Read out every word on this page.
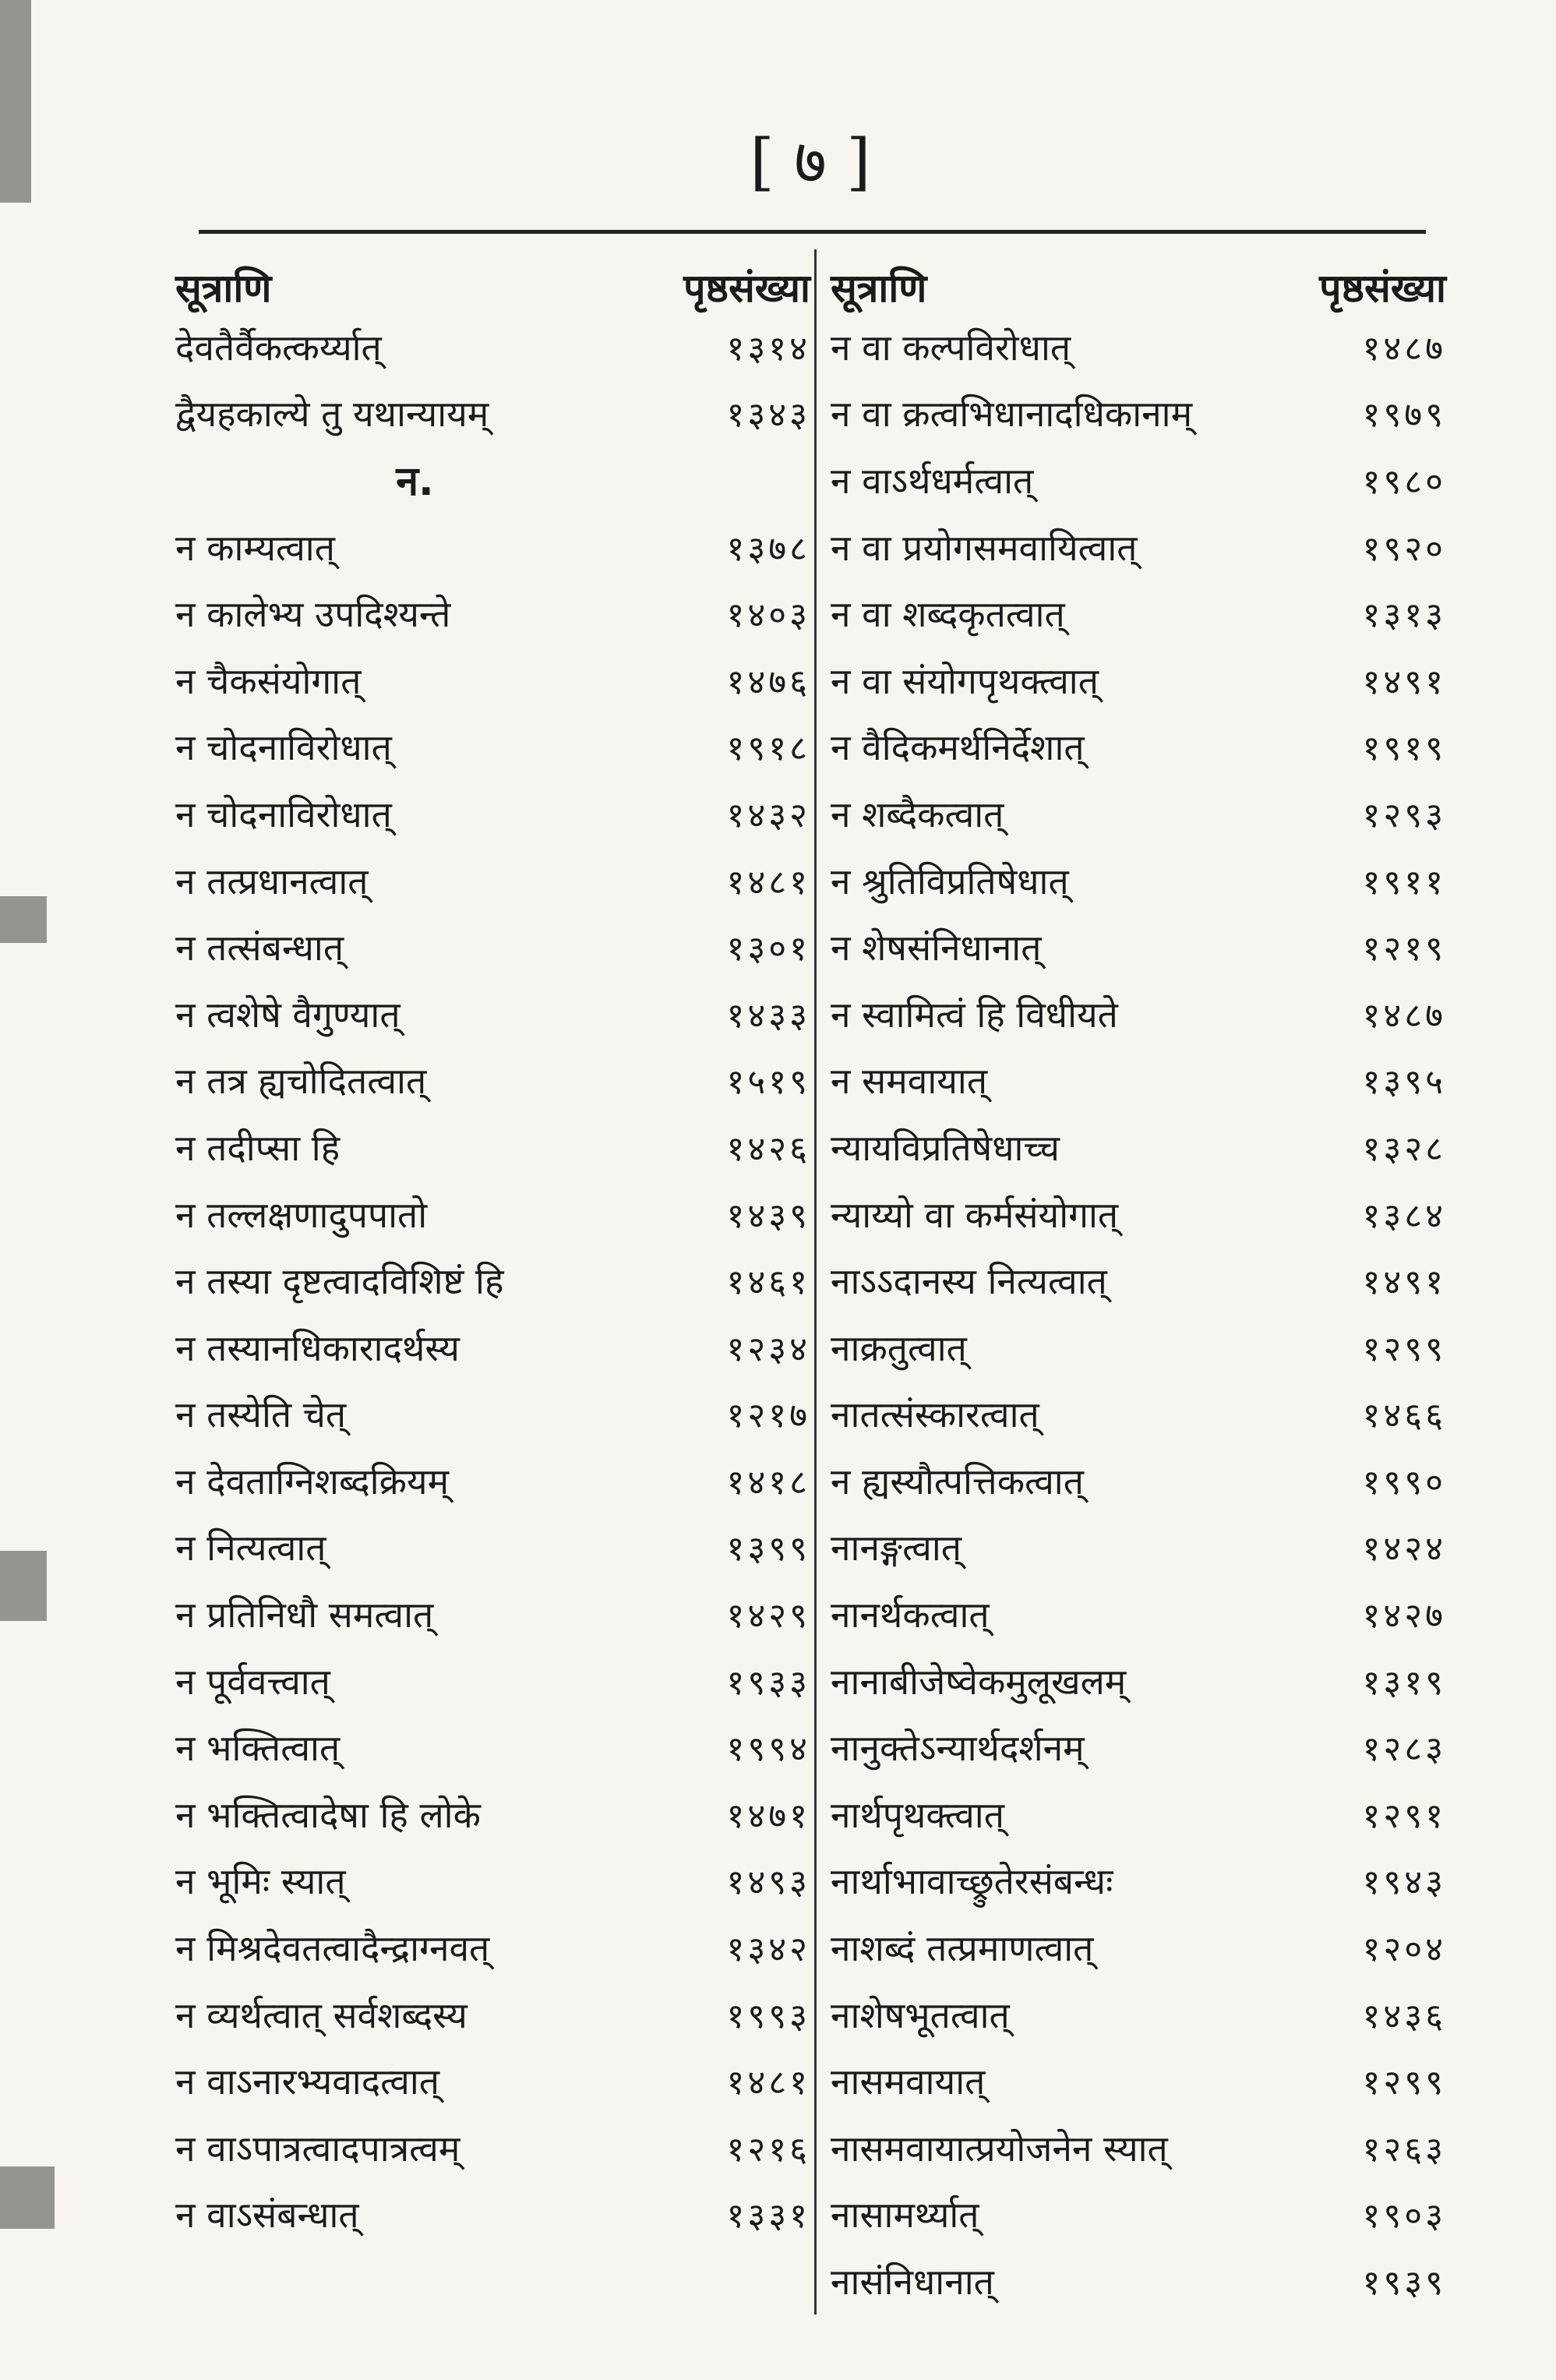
[ ७ ]
सूत्राणि	पृष्ठसंख्या
देवतैर्वैकत्कर्य्यात्	१३१४
द्वैयहकाल्ये तु यथान्यायम्	१३४३
न.
न काम्यत्वात्	१३७८
न कालेभ्य उपदिश्यन्ते	१४०३
न चैकसंयोगात्	१४७६
न चोदनाविरोधात्	१९१८
न चोदनाविरोधात्	१४३२
न तत्प्रधानत्वात्	१४८१
न तत्संबन्धात्	१३०१
न त्वशेषे वैगुण्यात्	१४३३
न तत्र ह्यचोदितत्वात्	१५१९
न तदीप्सा हि	१४२६
न तल्लक्षणादुपपातो	१४३९
न तस्या दृष्टत्वादविशिष्टं हि	१४६१
न तस्यानधिकारादर्थस्य	१२३४
न तस्येति चेत्	१२१७
न देवताग्निशब्दक्रियम्	१४१८
न नित्यत्वात्	१३९९
न प्रतिनिधौ समत्वात्	१४२९
न पूर्ववत्त्वात्	१९३३
न भक्तित्वात्	१९९४
न भक्तित्वादेषा हि लोके	१४७१
न भूमिः स्यात्	१४९३
न मिश्रदेवतत्वादैन्द्राग्नवत्	१३४२
न व्यर्थत्वात् सर्वशब्दस्य	१९९३
न वाऽनारभ्यवादत्वात्	१४८१
न वाऽपात्रत्वादपात्रत्वम्	१२१६
न वाऽसंबन्धात्	१३३१
सूत्राणि	पृष्ठसंख्या
न वा कल्पविरोधात्	१४८७
न वा क्रत्वभिधानादधिकानाम्	१९७९
न वाऽर्थधर्मत्वात्	१९८०
न वा प्रयोगसमवायित्वात्	१९२०
न वा शब्दकृतत्वात्	१३१३
न वा संयोगपृथक्त्वात्	१४९१
न वैदिकमर्थनिर्देशात्	१९१९
न शब्दैकत्वात्	१२९३
न श्रुतिविप्रतिषेधात्	१९११
न शेषसंनिधानात्	१२१९
न स्वामित्वं हि विधीयते	१४८७
न समवायात्	१३९५
न्यायविप्रतिषेधाच्च	१३२८
न्याय्यो वा कर्मसंयोगात्	१३८४
नाऽऽदानस्य नित्यत्वात्	१४९१
नाक्रतुत्वात्	१२९९
नातत्संस्कारत्वात्	१४६६
न ह्यस्यौत्पत्तिकत्वात्	१९९०
नानङ्गत्वात्	१४२४
नानर्थकत्वात्	१४२७
नानाबीजेष्वेकमुलूखलम्	१३१९
नानुक्तेऽन्यार्थदर्शनम्	१२८३
नार्थपृथक्त्वात्	१२९१
नार्थाभावाच्छ्रुतेरसंबन्धः	१९४३
नाशब्दं तत्प्रमाणत्वात्	१२०४
नाशेषभूतत्वात्	१४३६
नासमवायात्	१२९९
नासमवायात्प्रयोजनेन स्यात्	१२६३
नासामर्थ्यात्	१९०३
नासंनिधानात्	१९३९
